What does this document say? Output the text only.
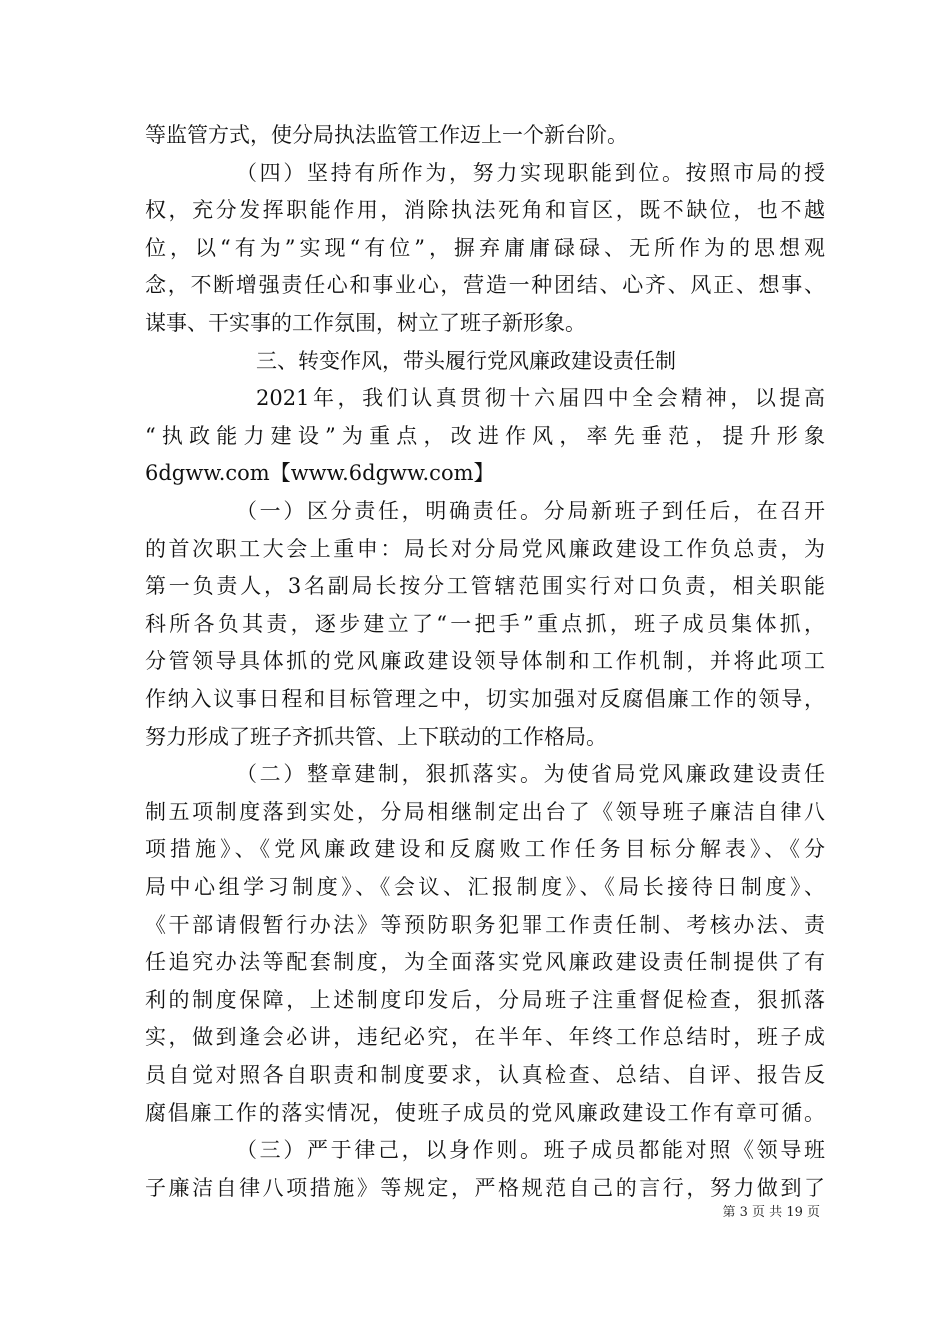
等监管方式，使分局执法监管工作迈上一个新台阶。
（四）坚持有所作为，努力实现职能到位。按照市局的授
权，充分发挥职能作用，消除执法死角和盲区，既不缺位，也不越
位，以“有为”实现“有位”，摒弃庸庸碌碌、无所作为的思想观
念，不断增强责任心和事业心，营造一种团结、心齐、风正、想事、
谋事、干实事的工作氛围，树立了班子新形象。
三、转变作风，带头履行党风廉政建设责任制
2021年，我们认真贯彻十六届四中全会精神，以提高
“执政能力建设”为重点，改进作风，率先垂范，提升形象
6dgww.com【www.6dgww.com】
（一）区分责任，明确责任。分局新班子到任后，在召开
的首次职工大会上重申：局长对分局党风廉政建设工作负总责，为
第一负责人，3名副局长按分工管辖范围实行对口负责，相关职能
科所各负其责，逐步建立了“一把手”重点抓，班子成员集体抓，
分管领导具体抓的党风廉政建设领导体制和工作机制，并将此项工
作纳入议事日程和目标管理之中，切实加强对反腐倡廉工作的领导，
努力形成了班子齐抓共管、上下联动的工作格局。
（二）整章建制，狠抓落实。为使省局党风廉政建设责任
制五项制度落到实处，分局相继制定出台了《领导班子廉洁自律八
项措施》、《党风廉政建设和反腐败工作任务目标分解表》、《分
局中心组学习制度》、《会议、汇报制度》、《局长接待日制度》、
《干部请假暂行办法》等预防职务犯罪工作责任制、考核办法、责
任追究办法等配套制度，为全面落实党风廉政建设责任制提供了有
利的制度保障，上述制度印发后，分局班子注重督促检查，狠抓落
实，做到逢会必讲，违纪必究，在半年、年终工作总结时，班子成
员自觉对照各自职责和制度要求，认真检查、总结、自评、报告反
腐倡廉工作的落实情况，使班子成员的党风廉政建设工作有章可循。
（三）严于律己，以身作则。班子成员都能对照《领导班
子廉洁自律八项措施》等规定，严格规范自己的言行，努力做到了
第 3 页 共 19 页
